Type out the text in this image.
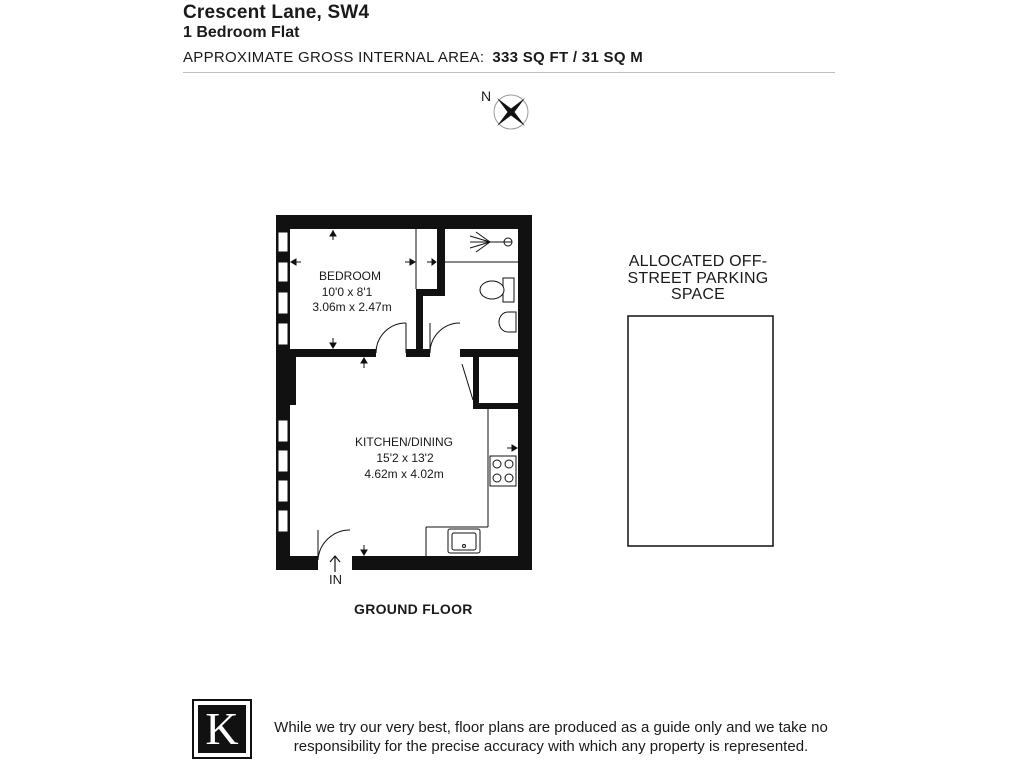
Crescent Lane, SW4
1 Bedroom Flat
APPROXIMATE GROSS INTERNAL AREA: 333 SQ FT / 31 SQ M
N
BEDROOM
10'0 x 8'1
3.06m x 2.47m
KITCHEN/DINING
15'2 x 13'2
4.62m x 4.02m
IN
ALLOCATED OFF-
STREET PARKING
SPACE
GROUND FLOOR
K	While we try our very best, floor plans are produced as a guide only and we take no
responsibility for the precise accuracy with which any property is represented.
